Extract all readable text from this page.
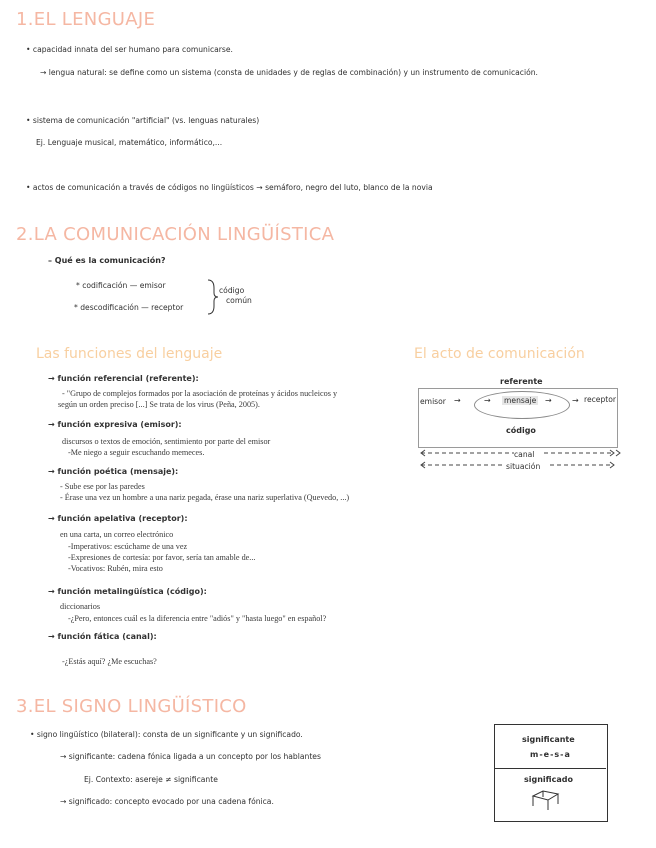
1.EL LENGUAJE
• capacidad innata del ser humano para comunicarse.
→ lengua natural: se define como un sistema (consta de unidades y de reglas de combinación) y un instrumento de comunicación.
• sistema de comunicación "artificial" (vs. lenguas naturales)
Ej. Lenguaje musical, matemático, informático,...
• actos de comunicación a través de códigos no lingüísticos → semáforo, negro del luto, blanco de la novia
2.LA COMUNICACIÓN LINGÜÍSTICA
– Qué es la comunicación?
* codificación — emisor
* descodificación — receptor
código
común
Las funciones del lenguaje
→ función referencial (referente):
- "Grupo de complejos formados por la asociación de proteínas y ácidos nucleicos y
según un orden preciso [...] Se trata de los virus (Peña, 2005).
→ función expresiva (emisor):
discursos o textos de emoción, sentimiento por parte del emisor
-Me niego a seguir escuchando memeces.
→ función poética (mensaje):
- Sube ese por las paredes
- Érase una vez un hombre a una nariz pegada, érase una nariz superlativa (Quevedo, ...)
→ función apelativa (receptor):
en una carta, un correo electrónico
-Imperativos: escúchame de una vez
-Expresiones de cortesía: por favor, sería tan amable de...
-Vocativos: Rubén, mira esto
→ función metalingüística (código):
diccionarios
-¿Pero, entonces cuál es la diferencia entre "adiós" y "hasta luego" en español?
→ función fática (canal):
-¿Estás aquí? ¿Me escuchas?
El acto de comunicación
referente
emisor →	→ mensaje →	→ receptor
código
canal
situación
3.EL SIGNO LINGÜÍSTICO
• signo lingüístico (bilateral): consta de un significante y un significado.
→ significante: cadena fónica ligada a un concepto por los hablantes
Ej. Contexto: asereje ≠ significante
→ significado: concepto evocado por una cadena fónica.
significante
m-e-s-a
significado
